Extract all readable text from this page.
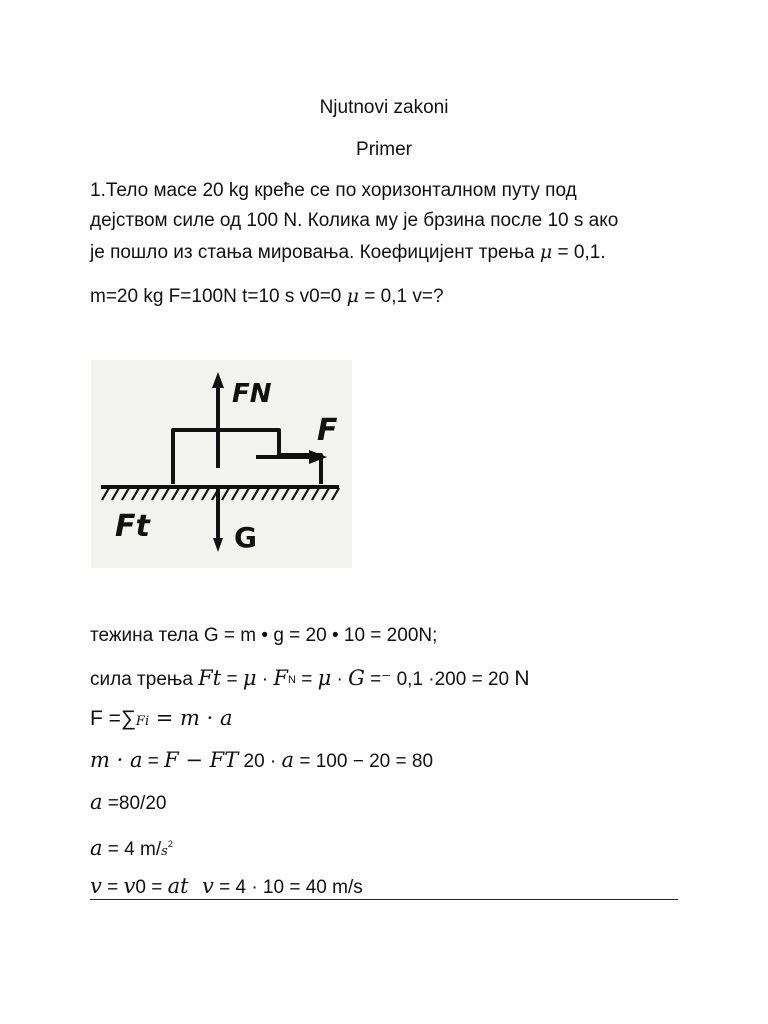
Njutnovi zakoni
Primer
1.Тело масе 20 kg креће се по хоризонталном путу под
дејством силе од 100 N. Колика му је брзина после 10 s ако
је пошло из стања мировања. Коефицијент трења μ = 0,1.
m=20 kg F=100N t=10 s v0=0 μ = 0,1 v=?
FN
F
Ft	G
тежина тела G = m • g = 20 • 10 = 200N;
сила трења Ft = μ · FN = μ · G =⁻ 0,1 ·200 = 20 N
F =∑Fi = m · a
m · a = F − FT 20 · a = 100 − 20 = 80
a =80/20
a = 4 $m/s^2$
v = v0 = at  v = 4 · 10 = 40 m/s
